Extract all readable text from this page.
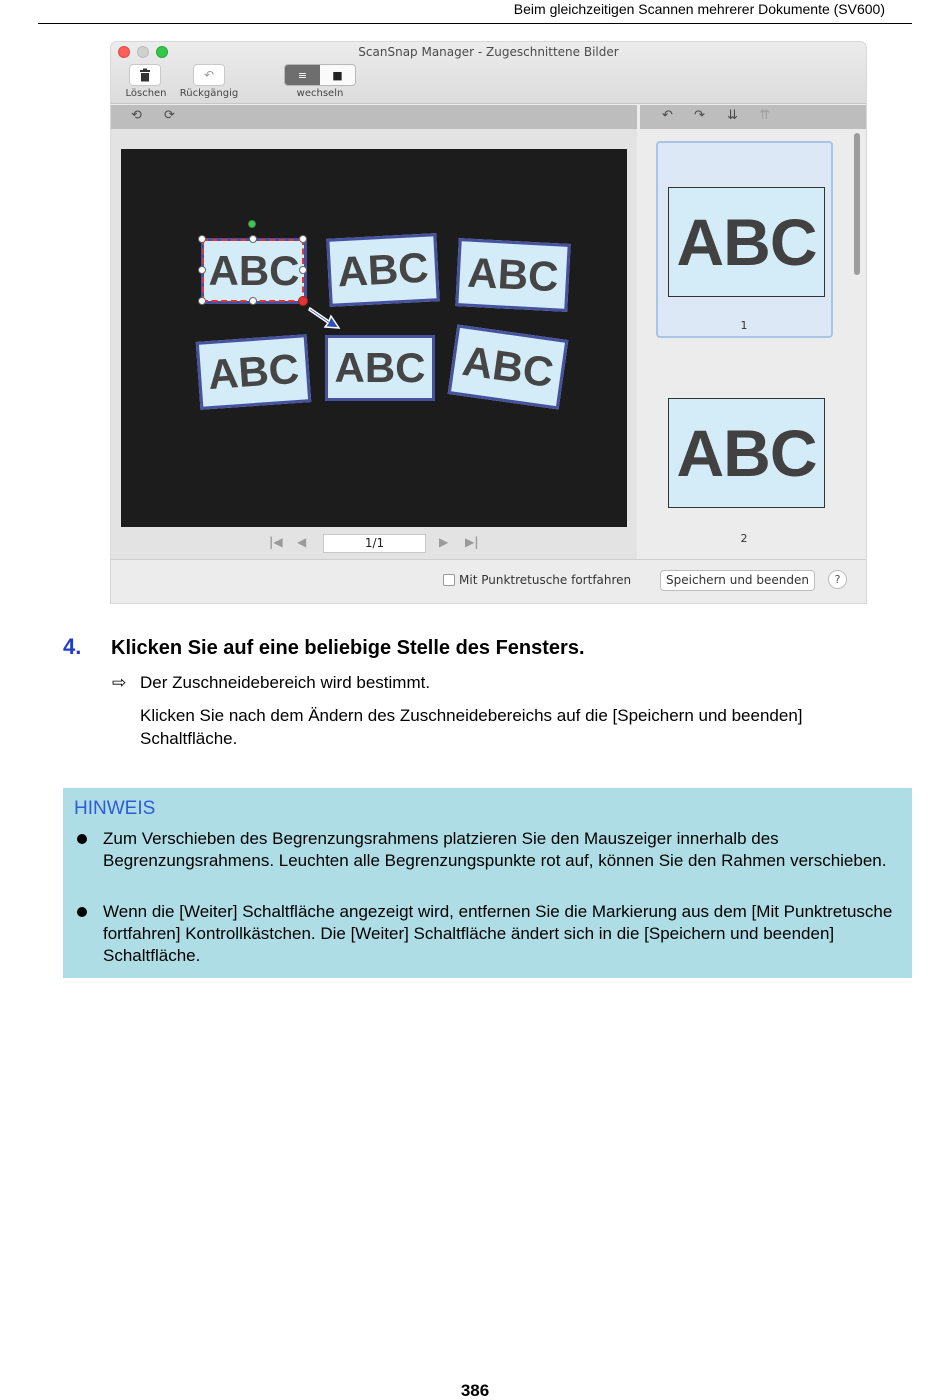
Beim gleichzeitigen Scannen mehrerer Dokumente (SV600)
ScanSnap Manager - Zugeschnittene Bilder
Löschen
↶
Rückgängig
≡	■
wechseln
⟲ ⟳	↶ ↷ ⇊ ⇈
ABC ABC ABC
ABC ABC ABC
|◀ ◀	1/1	▶ ▶|
ABC
1
ABC
2
Mit Punktretusche fortfahren	Speichern und beenden	?
4. Klicken Sie auf eine beliebige Stelle des Fensters.
⇨ Der Zuschneidebereich wird bestimmt.
Klicken Sie nach dem Ändern des Zuschneidebereichs auf die [Speichern und beenden] Schaltfläche.
HINWEIS
Zum Verschieben des Begrenzungsrahmens platzieren Sie den Mauszeiger innerhalb des Begrenzungsrahmens. Leuchten alle Begrenzungspunkte rot auf, können Sie den Rahmen verschieben.
Wenn die [Weiter] Schaltfläche angezeigt wird, entfernen Sie die Markierung aus dem [Mit Punktretusche fortfahren] Kontrollkästchen. Die [Weiter] Schaltfläche ändert sich in die [Speichern und beenden] Schaltfläche.
386
